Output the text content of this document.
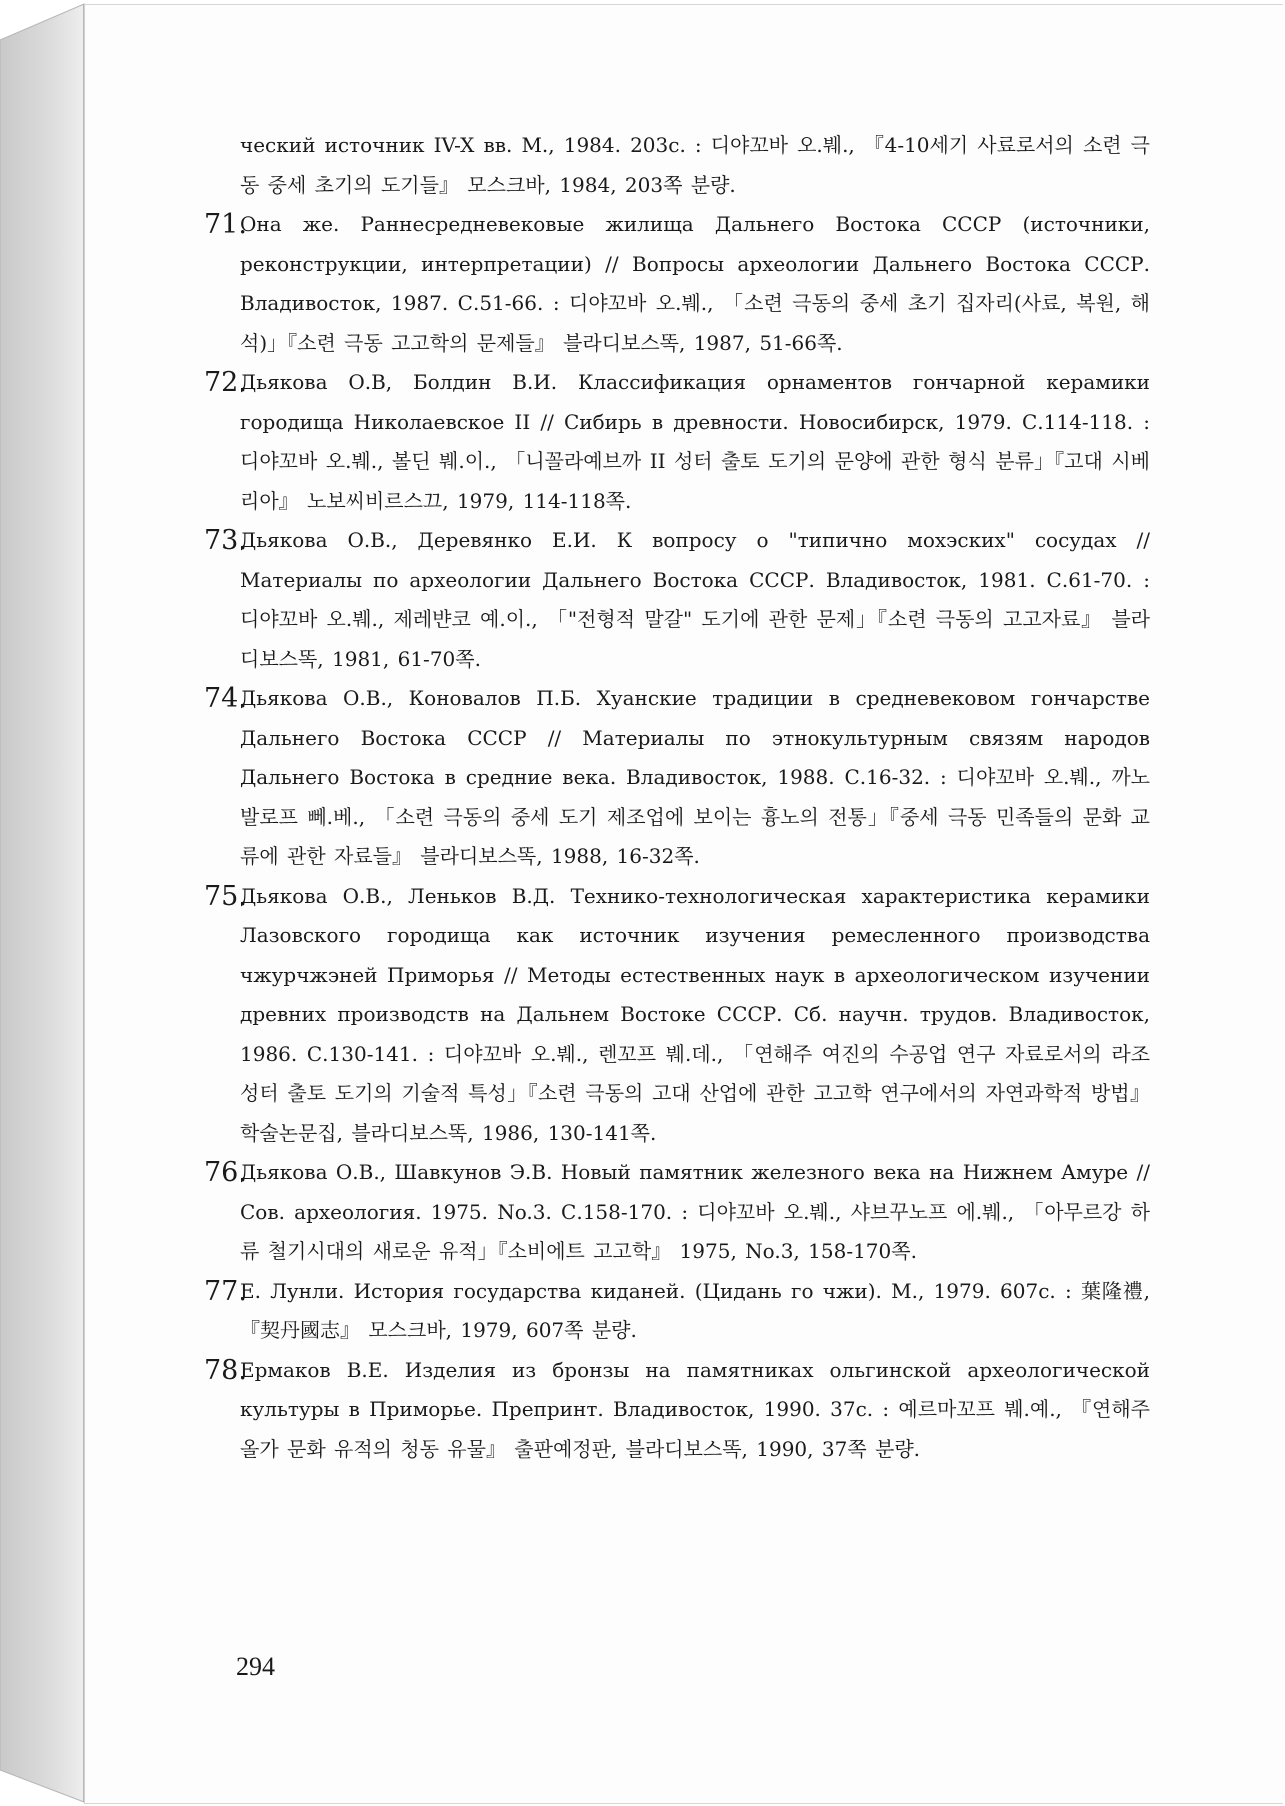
ческий источник IV-X вв. M., 1984. 203с. : 디야꼬바 오.붸., 『4-10세기 사료로서의 소련 극동 중세 초기의 도기들』 모스크바, 1984, 203쪽 분량.

71.

Она же. Раннесредневековые жилища Дальнего Востока СССР (источники, реконструкции, интерпретации) // Вопросы археологии Дальнего Востока СССР. Владивосток, 1987. С.51-66. : 디야꼬바 오.붸., 「소련 극동의 중세 초기 집자리(사료, 복원, 해석)」『소련 극동 고고학의 문제들』 블라디보스똑, 1987, 51-66쪽.

72.

Дьякова О.В, Болдин В.И. Классификация орнаментов гончарной керамики городища Николаевское II // Сибирь в древности. Новосибирск, 1979. С.114-118. : 디야꼬바 오.붸., 볼딘 붸.이., 「니꼴라예브까 II 성터 출토 도기의 문양에 관한 형식 분류」『고대 시베리아』 노보씨비르스끄, 1979, 114-118쪽.

73.

Дьякова О.В., Деревянко Е.И. К вопросу о "типично мохэских" сосудах // Материалы по археологии Дальнего Востока СССР. Владивосток, 1981. С.61-70. : 디야꼬바 오.붸., 제레뱐코 예.이., 「"전형적 말갈" 도기에 관한 문제」『소련 극동의 고고자료』 블라디보스똑, 1981, 61-70쪽.

74.

Дьякова О.В., Коновалов П.Б. Хуанские традиции в средневековом гончарстве Дальнего Востока СССР // Материалы по этнокультурным связям народов Дальнего Востока в средние века. Владивосток, 1988. С.16-32. : 디야꼬바 오.붸., 까노발로프 뻬.베., 「소련 극동의 중세 도기 제조업에 보이는 흉노의 전통」『중세 극동 민족들의 문화 교류에 관한 자료들』 블라디보스똑, 1988, 16-32쪽.

75.

Дьякова О.В., Леньков В.Д. Технико-технологическая характеристика керамики Лазовского городища как источник изучения ремесленного производства чжурчжэней Приморья // Методы естественных наук в археологическом изучении древних производств на Дальнем Востоке СССР. Сб. научн. трудов. Владивосток, 1986. С.130-141. : 디야꼬바 오.붸., 렌꼬프 붸.데., 「연해주 여진의 수공업 연구 자료로서의 라조 성터 출토 도기의 기술적 특성」『소련 극동의 고대 산업에 관한 고고학 연구에서의 자연과학적 방법』 학술논문집, 블라디보스똑, 1986, 130-141쪽.

76.

Дьякова О.В., Шавкунов Э.В. Новый памятник железного века на Нижнем Амуре // Сов. археология. 1975. No.3. С.158-170. : 디야꼬바 오.붸., 샤브꾸노프 에.붸., 「아무르강 하류 철기시대의 새로운 유적」『소비에트 고고학』 1975, No.3, 158-170쪽.

77.

Е. Лунли. История государства киданей. (Цидань го чжи). М., 1979. 607с. : 葉隆禮, 『契丹國志』 모스크바, 1979, 607쪽 분량.

78.

Ермаков В.Е. Изделия из бронзы на памятниках ольгинской археологической культуры в Приморье. Препринт. Владивосток, 1990. 37с. : 예르마꼬프 붸.예., 『연해주 올가 문화 유적의 청동 유물』 출판예정판, 블라디보스똑, 1990, 37쪽 분량.

294
